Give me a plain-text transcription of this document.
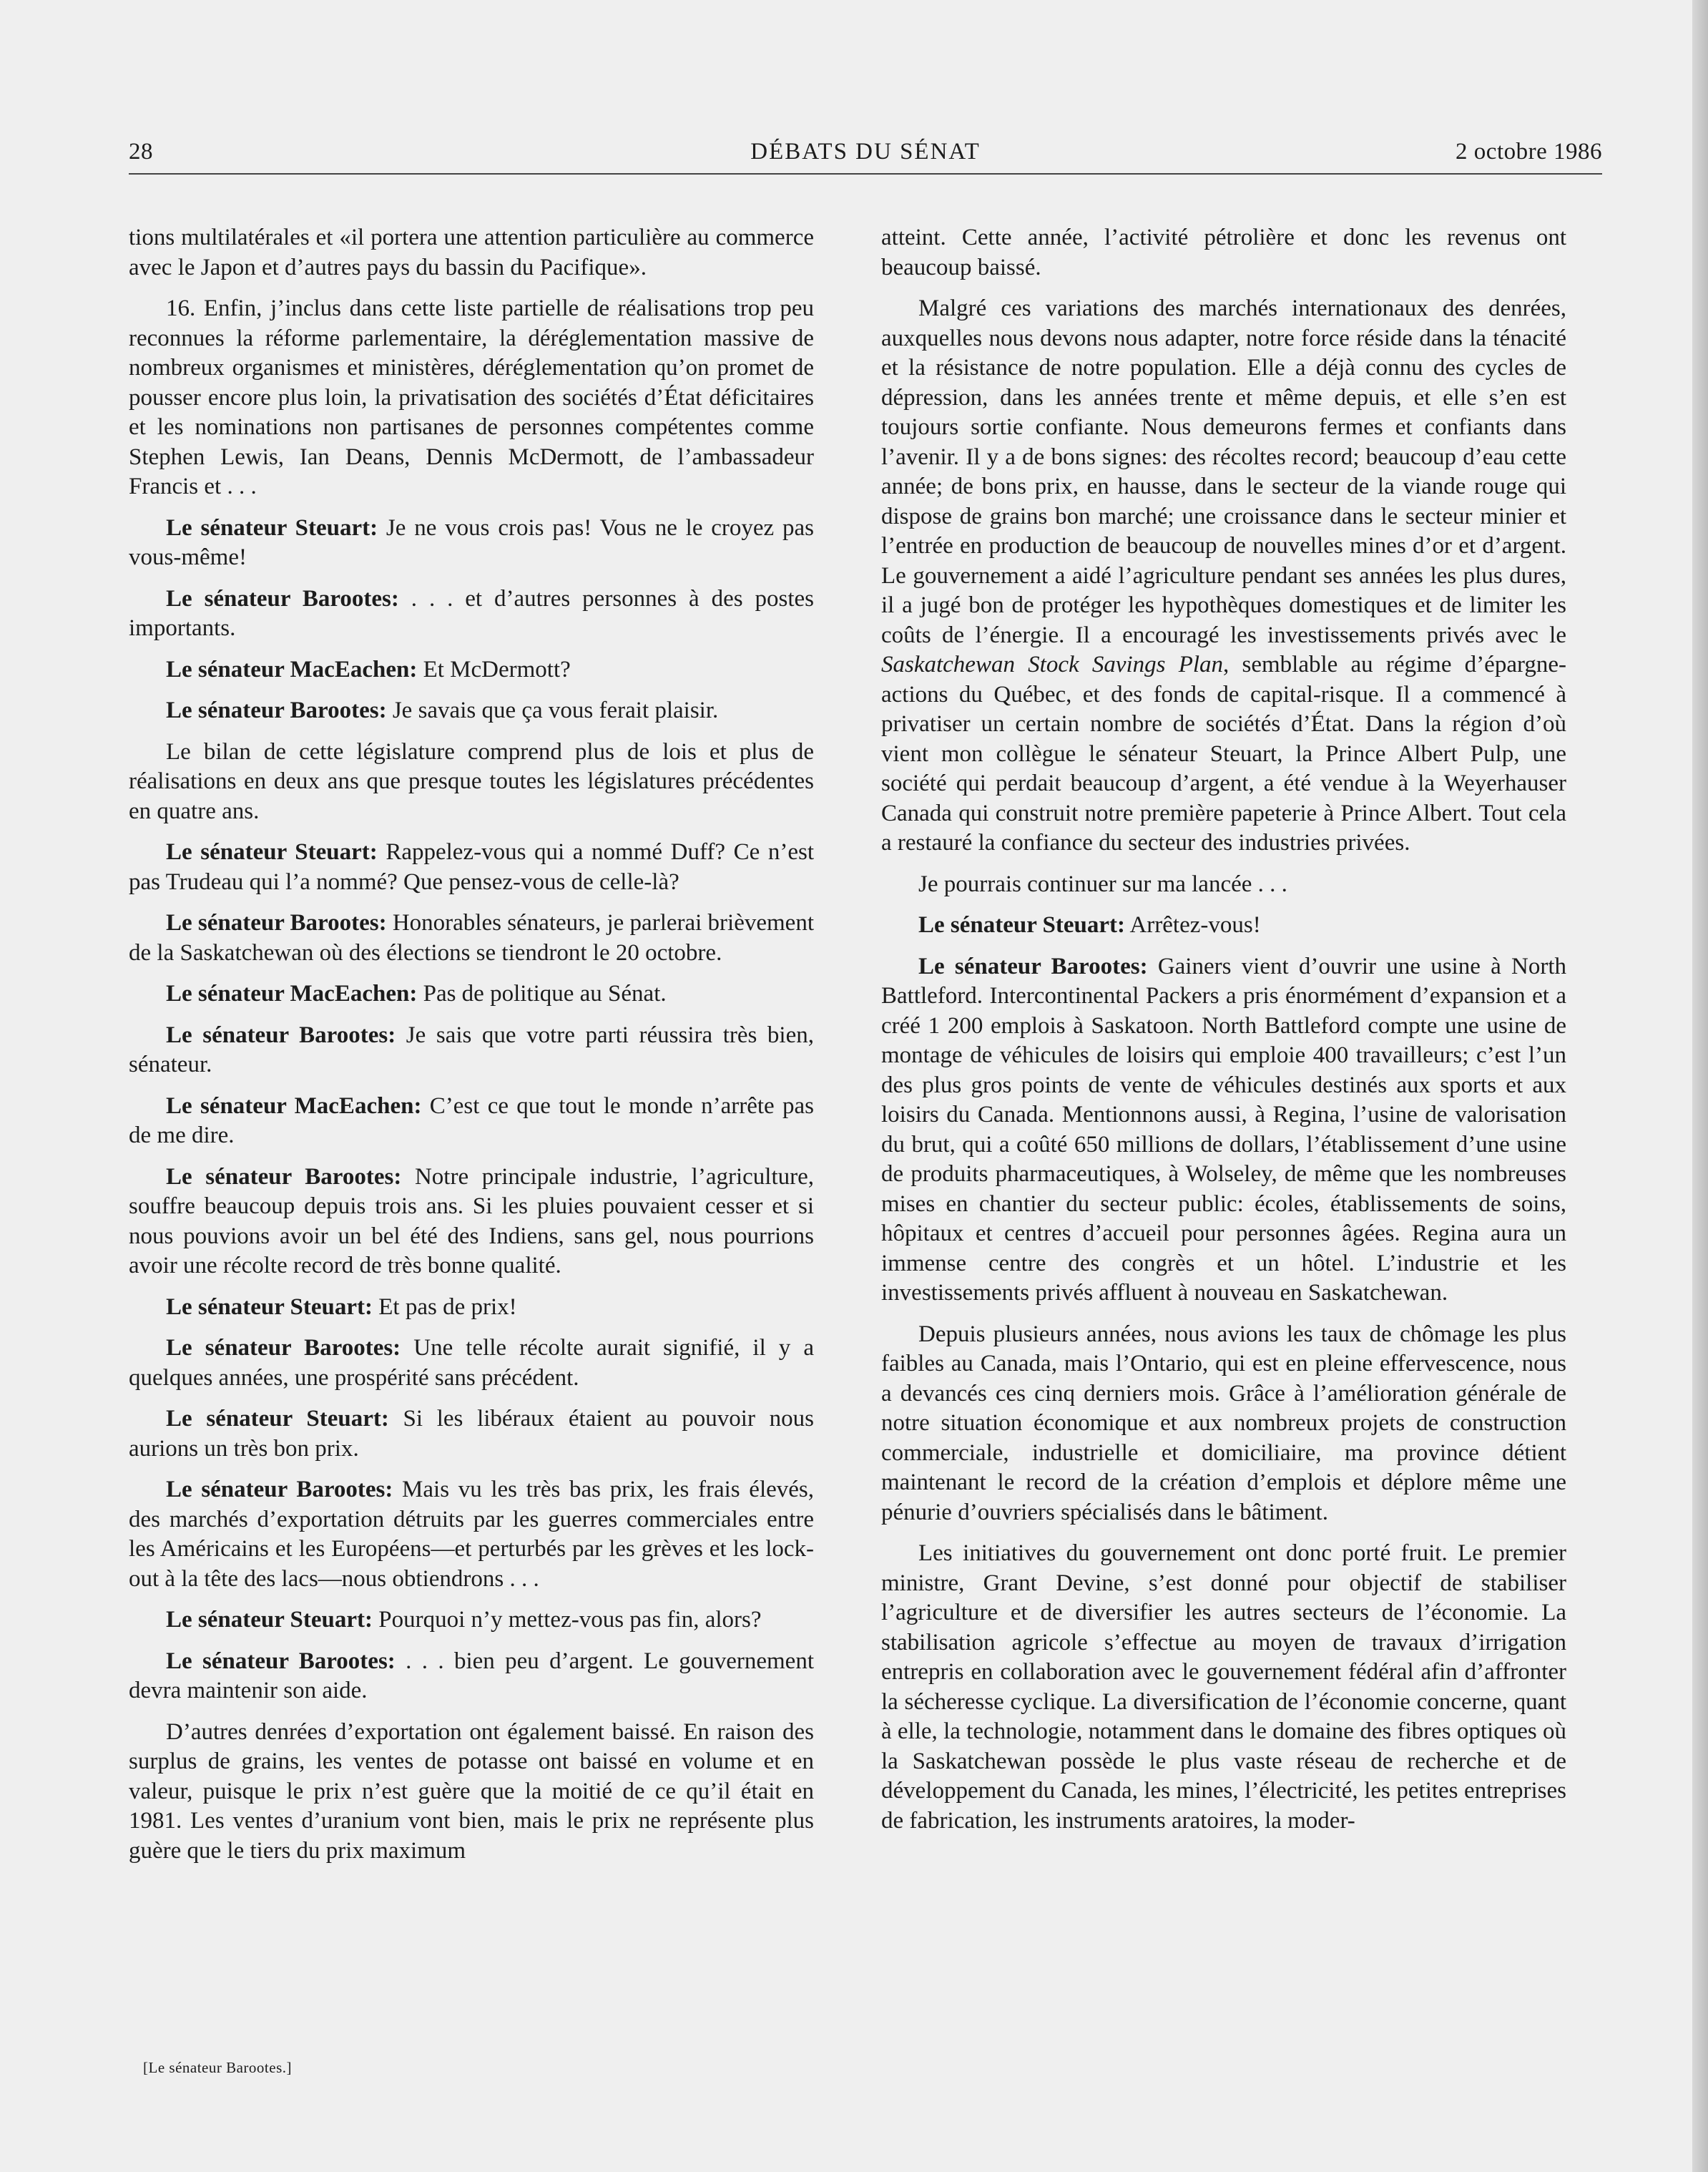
28	DÉBATS DU SÉNAT	2 octobre 1986

tions multilatérales et «il portera une attention particulière au commerce avec le Japon et d’autres pays du bassin du Pacifique».

16. Enfin, j’inclus dans cette liste partielle de réalisations trop peu reconnues la réforme parlementaire, la déréglementation massive de nombreux organismes et ministères, déréglementation qu’on promet de pousser encore plus loin, la privatisation des sociétés d’État déficitaires et les nominations non partisanes de personnes compétentes comme Stephen Lewis, Ian Deans, Dennis McDermott, de l’ambassadeur Francis et . . .

Le sénateur Steuart: Je ne vous crois pas! Vous ne le croyez pas vous-même!

Le sénateur Barootes: . . . et d’autres personnes à des postes importants.

Le sénateur MacEachen: Et McDermott?

Le sénateur Barootes: Je savais que ça vous ferait plaisir.

Le bilan de cette législature comprend plus de lois et plus de réalisations en deux ans que presque toutes les législatures précédentes en quatre ans.

Le sénateur Steuart: Rappelez-vous qui a nommé Duff? Ce n’est pas Trudeau qui l’a nommé? Que pensez-vous de celle-là?

Le sénateur Barootes: Honorables sénateurs, je parlerai brièvement de la Saskatchewan où des élections se tiendront le 20 octobre.

Le sénateur MacEachen: Pas de politique au Sénat.

Le sénateur Barootes: Je sais que votre parti réussira très bien, sénateur.

Le sénateur MacEachen: C’est ce que tout le monde n’arrête pas de me dire.

Le sénateur Barootes: Notre principale industrie, l’agriculture, souffre beaucoup depuis trois ans. Si les pluies pouvaient cesser et si nous pouvions avoir un bel été des Indiens, sans gel, nous pourrions avoir une récolte record de très bonne qualité.

Le sénateur Steuart: Et pas de prix!

Le sénateur Barootes: Une telle récolte aurait signifié, il y a quelques années, une prospérité sans précédent.

Le sénateur Steuart: Si les libéraux étaient au pouvoir nous aurions un très bon prix.

Le sénateur Barootes: Mais vu les très bas prix, les frais élevés, des marchés d’exportation détruits par les guerres commerciales entre les Américains et les Européens—et perturbés par les grèves et les lock-out à la tête des lacs—nous obtiendrons . . .

Le sénateur Steuart: Pourquoi n’y mettez-vous pas fin, alors?

Le sénateur Barootes: . . . bien peu d’argent. Le gouvernement devra maintenir son aide.

D’autres denrées d’exportation ont également baissé. En raison des surplus de grains, les ventes de potasse ont baissé en volume et en valeur, puisque le prix n’est guère que la moitié de ce qu’il était en 1981. Les ventes d’uranium vont bien, mais le prix ne représente plus guère que le tiers du prix maximum

atteint. Cette année, l’activité pétrolière et donc les revenus ont beaucoup baissé.

Malgré ces variations des marchés internationaux des denrées, auxquelles nous devons nous adapter, notre force réside dans la ténacité et la résistance de notre population. Elle a déjà connu des cycles de dépression, dans les années trente et même depuis, et elle s’en est toujours sortie confiante. Nous demeurons fermes et confiants dans l’avenir. Il y a de bons signes: des récoltes record; beaucoup d’eau cette année; de bons prix, en hausse, dans le secteur de la viande rouge qui dispose de grains bon marché; une croissance dans le secteur minier et l’entrée en production de beaucoup de nouvelles mines d’or et d’argent. Le gouvernement a aidé l’agriculture pendant ses années les plus dures, il a jugé bon de protéger les hypothèques domestiques et de limiter les coûts de l’énergie. Il a encouragé les investissements privés avec le Saskatchewan Stock Savings Plan, semblable au régime d’épargne-actions du Québec, et des fonds de capital-risque. Il a commencé à privatiser un certain nombre de sociétés d’État. Dans la région d’où vient mon collègue le sénateur Steuart, la Prince Albert Pulp, une société qui perdait beaucoup d’argent, a été vendue à la Weyerhauser Canada qui construit notre première papeterie à Prince Albert. Tout cela a restauré la confiance du secteur des industries privées.

Je pourrais continuer sur ma lancée . . .

Le sénateur Steuart: Arrêtez-vous!

Le sénateur Barootes: Gainers vient d’ouvrir une usine à North Battleford. Intercontinental Packers a pris énormément d’expansion et a créé 1 200 emplois à Saskatoon. North Battleford compte une usine de montage de véhicules de loisirs qui emploie 400 travailleurs; c’est l’un des plus gros points de vente de véhicules destinés aux sports et aux loisirs du Canada. Mentionnons aussi, à Regina, l’usine de valorisation du brut, qui a coûté 650 millions de dollars, l’établissement d’une usine de produits pharmaceutiques, à Wolseley, de même que les nombreuses mises en chantier du secteur public: écoles, établissements de soins, hôpitaux et centres d’accueil pour personnes âgées. Regina aura un immense centre des congrès et un hôtel. L’industrie et les investissements privés affluent à nouveau en Saskatchewan.

Depuis plusieurs années, nous avions les taux de chômage les plus faibles au Canada, mais l’Ontario, qui est en pleine effervescence, nous a devancés ces cinq derniers mois. Grâce à l’amélioration générale de notre situation économique et aux nombreux projets de construction commerciale, industrielle et domiciliaire, ma province détient maintenant le record de la création d’emplois et déplore même une pénurie d’ouvriers spécialisés dans le bâtiment.

Les initiatives du gouvernement ont donc porté fruit. Le premier ministre, Grant Devine, s’est donné pour objectif de stabiliser l’agriculture et de diversifier les autres secteurs de l’économie. La stabilisation agricole s’effectue au moyen de travaux d’irrigation entrepris en collaboration avec le gouvernement fédéral afin d’affronter la sécheresse cyclique. La diversification de l’économie concerne, quant à elle, la technologie, notamment dans le domaine des fibres optiques où la Saskatchewan possède le plus vaste réseau de recherche et de développement du Canada, les mines, l’électricité, les petites entreprises de fabrication, les instruments aratoires, la moder-

[Le sénateur Barootes.]
